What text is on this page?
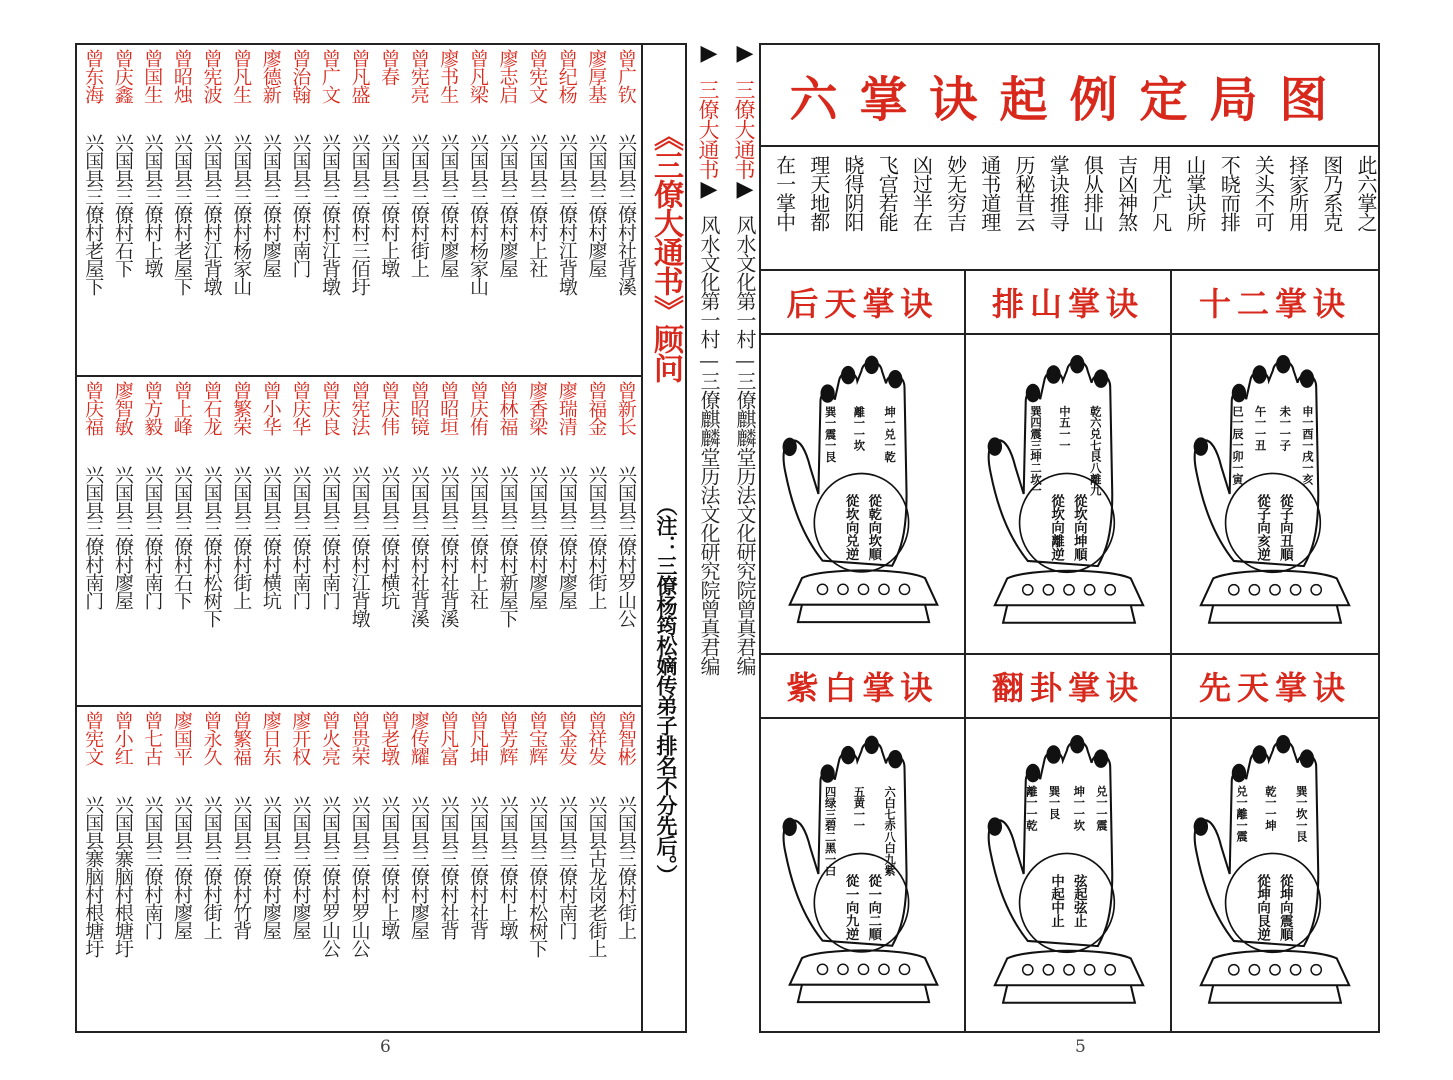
曾广钦
兴国县三僚村社背溪
廖厚基
兴国县三僚村廖屋
曾纪杨
兴国县三僚村江背墩
曾宪文
兴国县三僚村上社
廖志启
兴国县三僚村廖屋
曾凡梁
兴国县三僚村杨家山
廖书生
兴国县三僚村廖屋
曾宪亮
兴国县三僚村街上
曾春
兴国县三僚村上墩
曾凡盛
兴国县三僚村三佰圩
曾广文
兴国县三僚村江背墩
曾治翰
兴国县三僚村南门
廖德新
兴国县三僚村廖屋
曾凡生
兴国县三僚村杨家山
曾宪波
兴国县三僚村江背墩
曾昭烛
兴国县三僚村老屋下
曾国生
兴国县三僚村上墩
曾庆鑫
兴国县三僚村石下
曾东海
兴国县三僚村老屋下
曾新长
兴国县三僚村罗山公
曾福金
兴国县三僚村街上
廖瑞清
兴国县三僚村廖屋
廖香梁
兴国县三僚村廖屋
曾林福
兴国县三僚村新屋下
曾庆侑
兴国县三僚村上社
曾昭垣
兴国县三僚村社背溪
曾昭镜
兴国县三僚村社背溪
曾庆伟
兴国县三僚村横坑
曾宪法
兴国县三僚村江背墩
曾庆良
兴国县三僚村南门
曾庆华
兴国县三僚村南门
曾小华
兴国县三僚村横坑
曾繁荣
兴国县三僚村街上
曾石龙
兴国县三僚村松树下
曾上峰
兴国县三僚村石下
曾方毅
兴国县三僚村南门
廖智敏
兴国县三僚村廖屋
曾庆福
兴国县三僚村南门
曾智彬
兴国县三僚村街上
曾祥发
兴国县古龙岗老街上
曾金发
兴国县三僚村南门
曾宝辉
兴国县三僚村松树下
曾芳辉
兴国县三僚村上墩
曾凡坤
兴国县三僚村社背
曾凡富
兴国县三僚村社背
廖传耀
兴国县三僚村廖屋
曾老墩
兴国县三僚村上墩
曾贵荣
兴国县三僚村罗山公
曾火亮
兴国县三僚村罗山公
廖开权
兴国县三僚村廖屋
廖日东
兴国县三僚村廖屋
曾繁福
兴国县三僚村竹背
曾永久
兴国县三僚村街上
廖国平
兴国县三僚村廖屋
曾七古
兴国县三僚村南门
曾小红
兴国县寨脑村根塘圩
曾宪文
兴国县寨脑村根塘圩
《三僚大通书》顾问
（注：三僚杨筠松嫡传弟子排名不分先后。）
6
▶
三僚大通书
▶
风水文化第一村—三僚麒麟堂历法文化研究院曾真君编
▶
三僚大通书
▶
风水文化第一村—三僚麒麟堂历法文化研究院曾真君编
六掌诀起例定局图
此六掌之
图乃系克
择家所用
关头不可
不晓而排
山掌诀所
用尤广凡
吉凶神煞
俱从排山
掌诀推寻
历秘昔云
通书道理
妙无穷吉
凶过半在
飞宫若能
晓得阴阳
理天地都
在一掌中
后天掌诀
巽一震一艮 離一一坎 坤一兑一乾
從乾向坎順
從坎向兑逆
排山掌诀
巽四震三坤二坎一 中五一一 乾六兑七艮八離九
從坎向坤順
從坎向離逆
十二掌诀
巳一辰一卯一寅 午一一丑 未一一子 申一酉一戌一亥
從子向丑順
從子向亥逆
紫白掌诀
四绿三碧二黑一白 五黄一一 六白七赤八白九紫
從一向二順
從一向九逆
翻卦掌诀
離一一乾 巽一艮 坤一一坎 兑一一震
弦起弦止
中起中止
先天掌诀
兑一離一震 乾一一坤 巽一坎一艮
從坤向震順
從坤向艮逆
5
